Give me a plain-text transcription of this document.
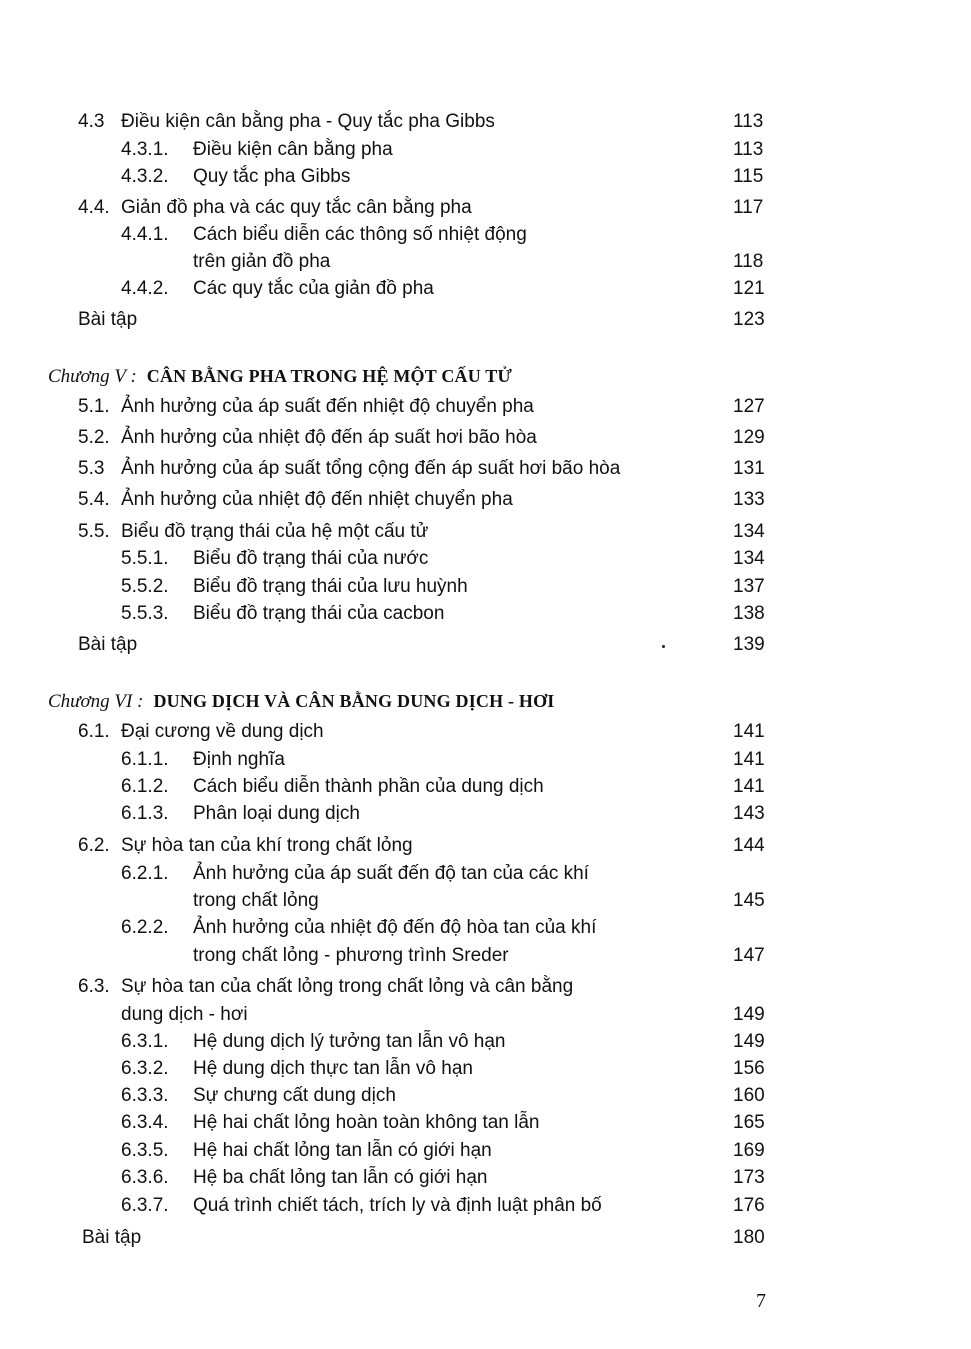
4.3 Điều kiện cân bằng pha - Quy tắc pha Gibbs	113
4.3.1. Điều kiện cân bằng pha	113
4.3.2. Quy tắc pha Gibbs	115
4.4. Giản đồ pha và các quy tắc cân bằng pha	117
4.4.1. Cách biểu diễn các thông số nhiệt động
trên giản đồ pha	118
4.4.2. Các quy tắc của giản đồ pha	121
Bài tập	123
Chương V : CÂN BẰNG PHA TRONG HỆ MỘT CẤU TỬ
5.1. Ảnh hưởng của áp suất đến nhiệt độ chuyển pha	127
5.2. Ảnh hưởng của nhiệt độ đến áp suất hơi bão hòa	129
5.3 Ảnh hưởng của áp suất tổng cộng đến áp suất hơi bão hòa	131
5.4. Ảnh hưởng của nhiệt độ đến nhiệt chuyển pha	133
5.5. Biểu đồ trạng thái của hệ một cấu tử	134
5.5.1. Biểu đồ trạng thái của nước	134
5.5.2. Biểu đồ trạng thái của lưu huỳnh	137
5.5.3. Biểu đồ trạng thái của cacbon	138
Bài tập	139
Chương VI : DUNG DỊCH VÀ CÂN BẰNG DUNG DỊCH - HƠI
6.1. Đại cương về dung dịch	141
6.1.1. Định nghĩa	141
6.1.2. Cách biểu diễn thành phần của dung dịch	141
6.1.3. Phân loại dung dịch	143
6.2. Sự hòa tan của khí trong chất lỏng	144
6.2.1. Ảnh hưởng của áp suất đến độ tan của các khí
trong chất lỏng	145
6.2.2. Ảnh hưởng của nhiệt độ đến độ hòa tan của khí
trong chất lỏng - phương trình Sreder	147
6.3. Sự hòa tan của chất lỏng trong chất lỏng và cân bằng
dung dịch - hơi	149
6.3.1. Hệ dung dịch lý tưởng tan lẫn vô hạn	149
6.3.2. Hệ dung dịch thực tan lẫn vô hạn	156
6.3.3. Sự chưng cất dung dịch	160
6.3.4. Hệ hai chất lỏng hoàn toàn không tan lẫn	165
6.3.5. Hệ hai chất lỏng tan lẫn có giới hạn	169
6.3.6. Hệ ba chất lỏng tan lẫn có giới hạn	173
6.3.7. Quá trình chiết tách, trích ly và định luật phân bố	176
Bài tập	180
7
